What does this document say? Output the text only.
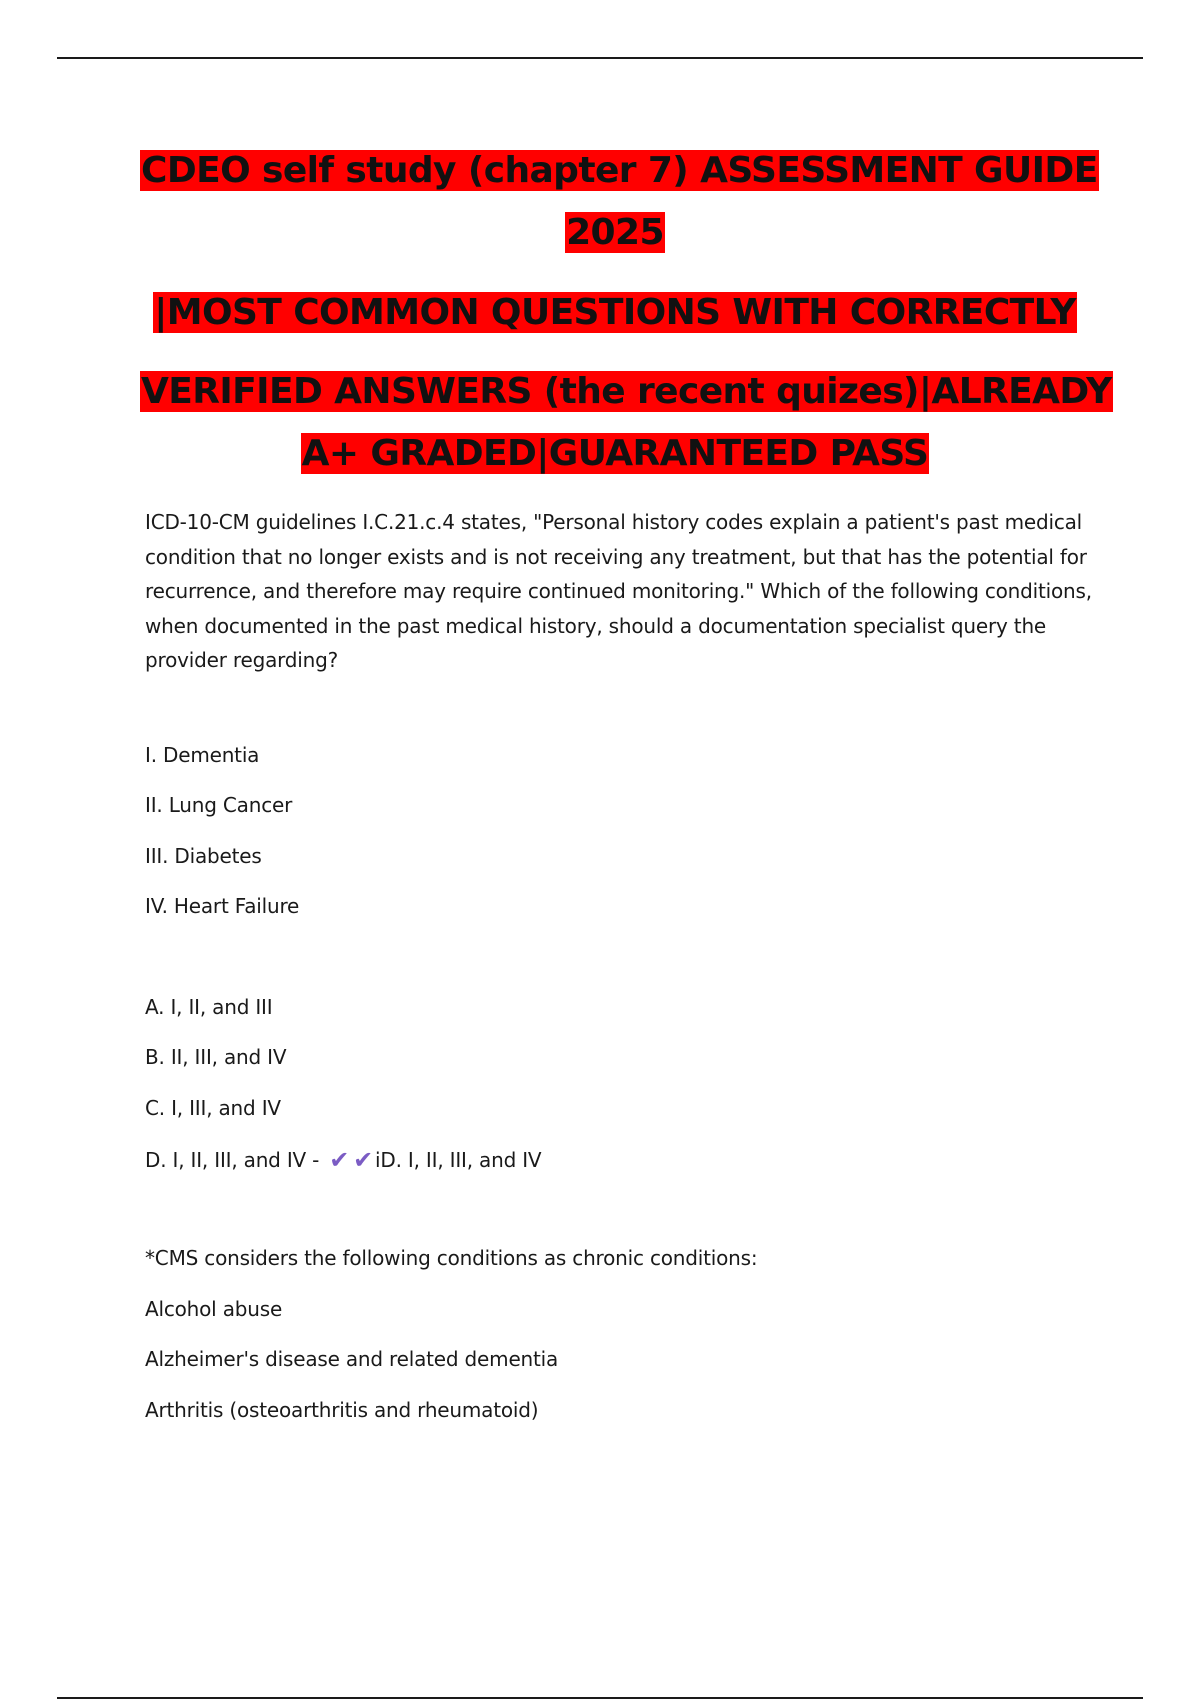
CDEO self study (chapter 7) ASSESSMENT GUIDE
2025
|MOST COMMON QUESTIONS WITH CORRECTLY
VERIFIED ANSWERS (the recent quizes)|ALREADY
A+ GRADED|GUARANTEED PASS

ICD-10-CM guidelines I.C.21.c.4 states, "Personal history codes explain a patient's past medical condition that no longer exists and is not receiving any treatment, but that has the potential for recurrence, and therefore may require continued monitoring." Which of the following conditions, when documented in the past medical history, should a documentation specialist query the provider regarding?

I. Dementia
II. Lung Cancer
III. Diabetes
IV. Heart Failure
A. I, II, and III
B. II, III, and IV
C. I, III, and IV
D. I, II, III, and IV - ✔ ✔ iD. I, II, III, and IV
*CMS considers the following conditions as chronic conditions:
Alcohol abuse
Alzheimer's disease and related dementia
Arthritis (osteoarthritis and rheumatoid)
